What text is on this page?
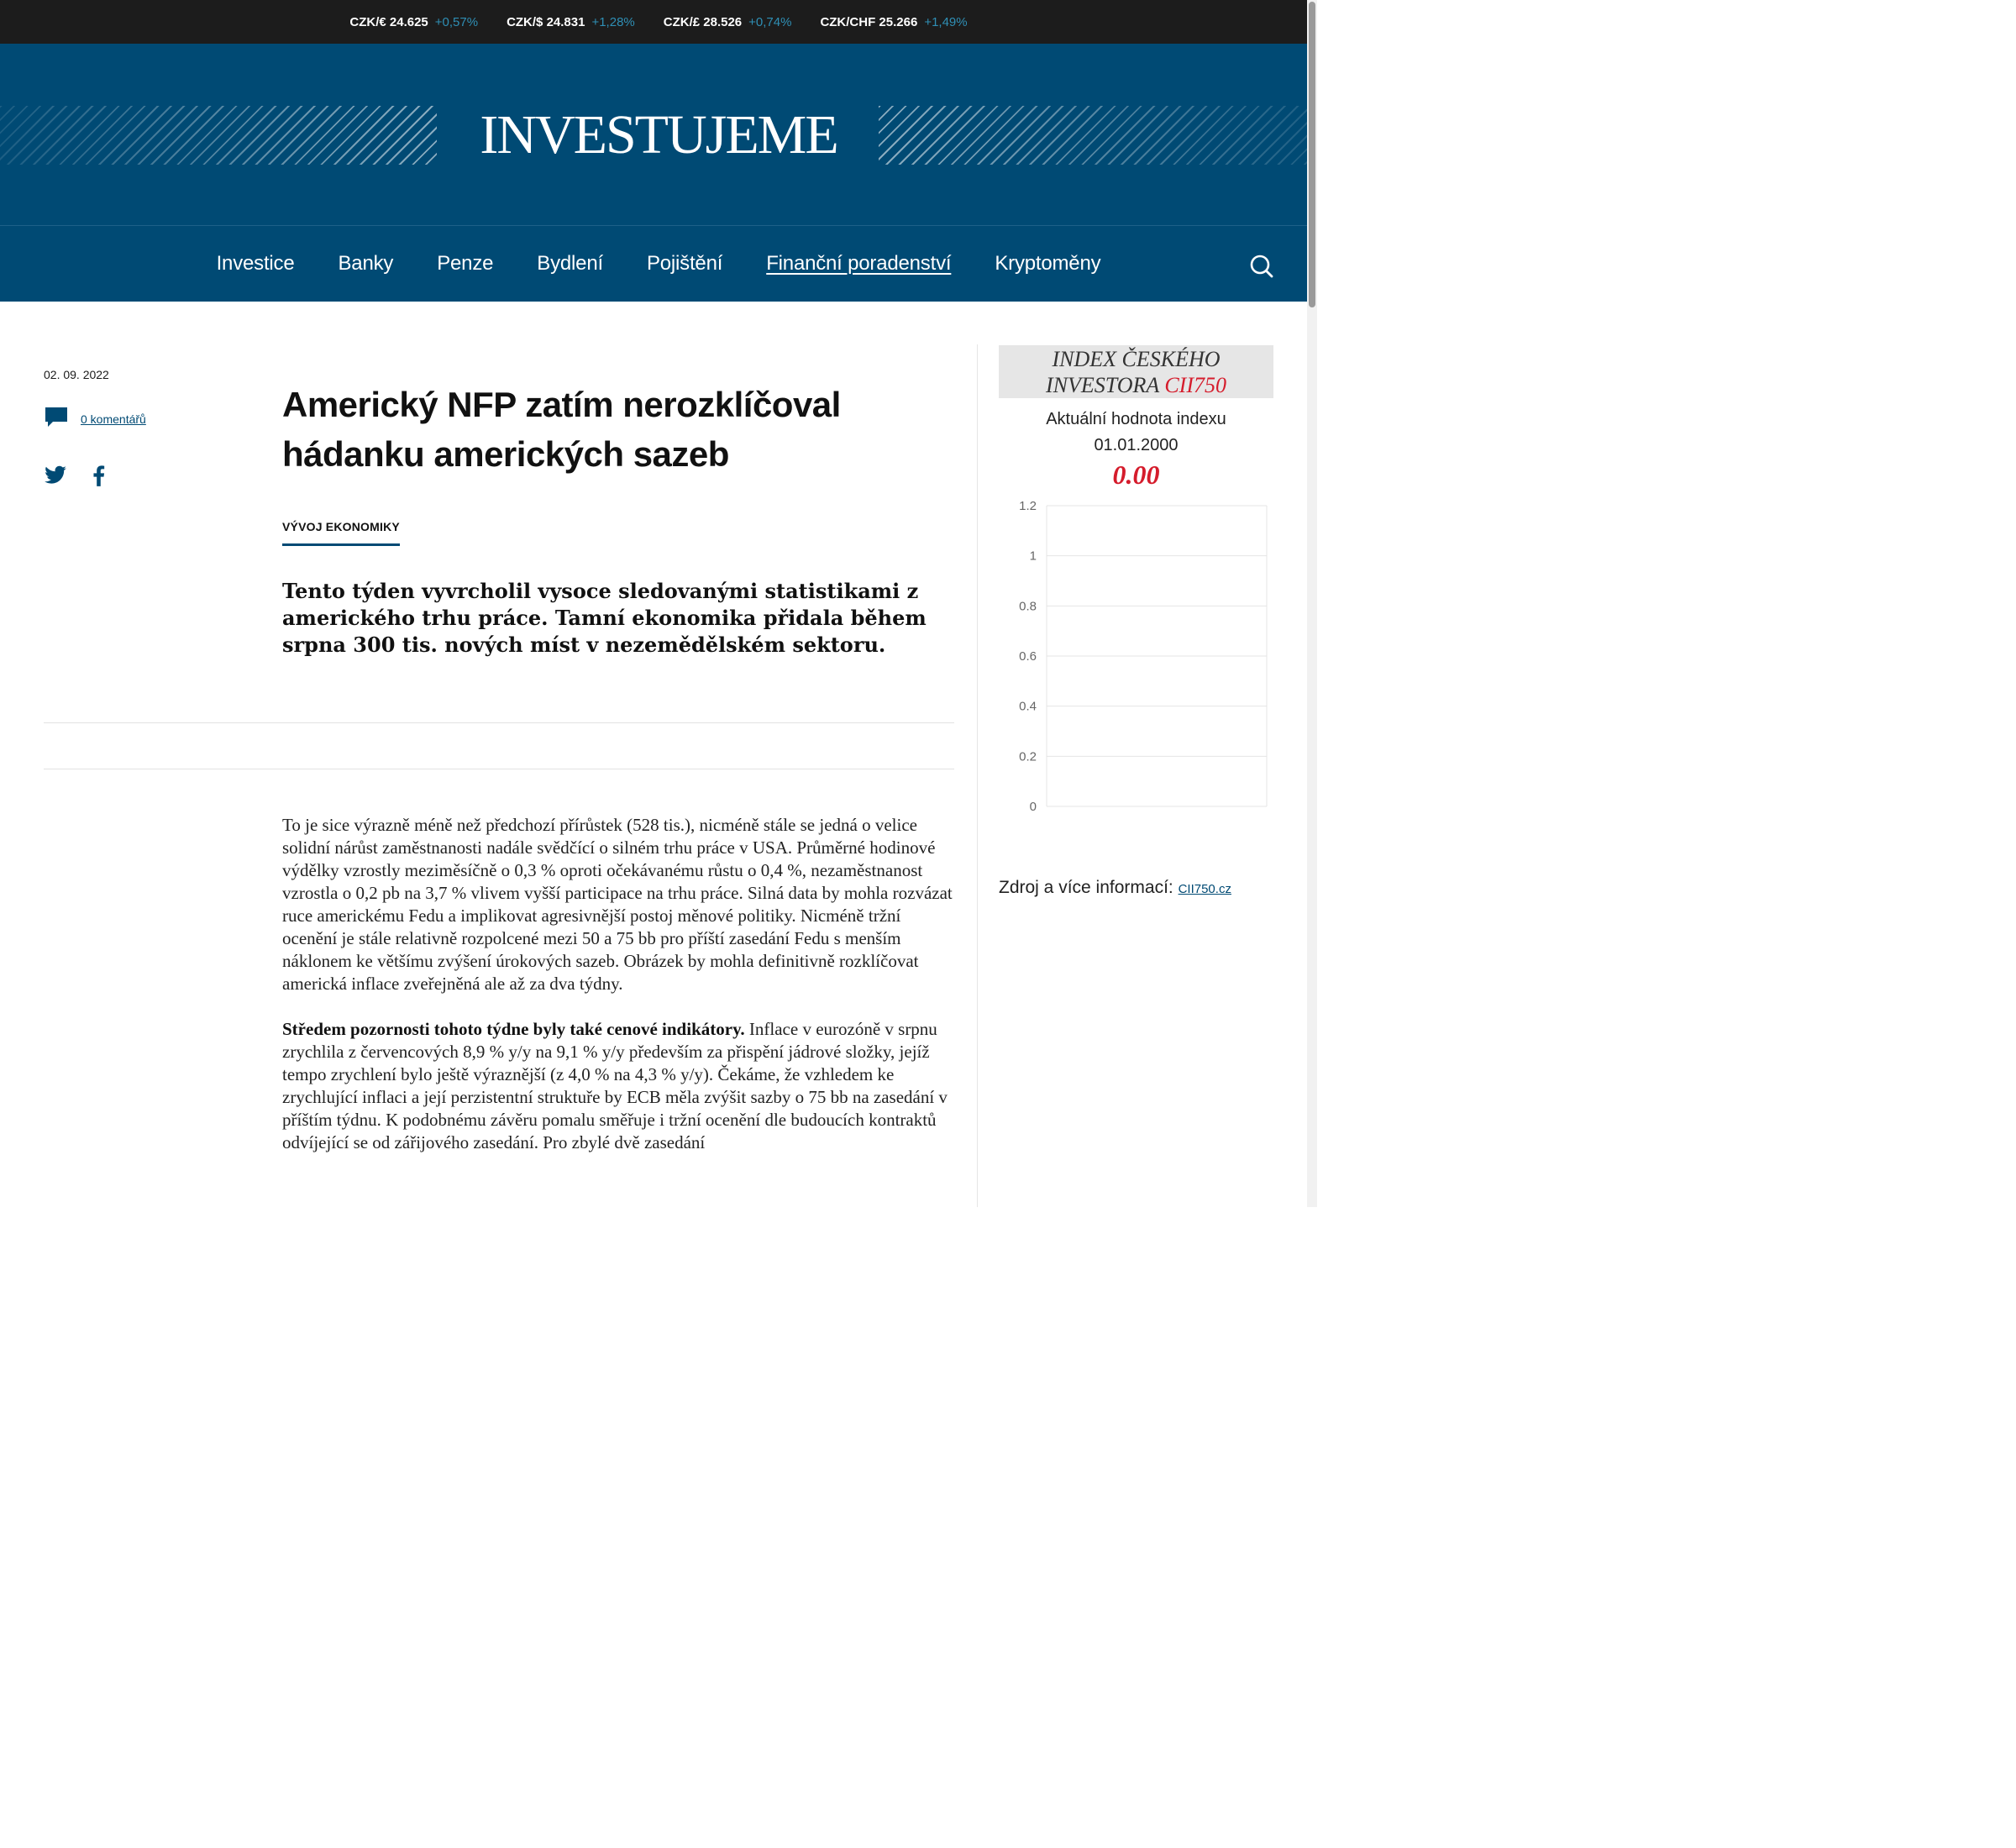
CZK/€ 24.625 +0,57% CZK/$ 24.831 +1,28% CZK/£ 28.526 +0,74% CZK/CHF 25.266 +1,49%
INVESTUJEME
Investice Banky Penze Bydlení Pojištění Finanční poradenství Kryptoměny
02. 09. 2022
0 komentářů	Americký NFP zatím nerozklíčoval hádanku amerických sazeb
VÝVOJ EKONOMIKY
Tento týden vyvrcholil vysoce sledovanými statistikami z amerického trhu práce. Tamní ekonomika přidala během srpna 300 tis. nových míst v nezemědělském sektoru.

To je sice výrazně méně než předchozí přírůstek (528 tis.), nicméně stále se jedná o velice solidní nárůst zaměstnanosti nadále svědčící o silném trhu práce v USA. Průměrné hodinové výdělky vzrostly meziměsíčně o 0,3 % oproti očekávanému růstu o 0,4 %, nezaměstnanost vzrostla o 0,2 pb na 3,7 % vlivem vyšší participace na trhu práce. Silná data by mohla rozvázat ruce americkému Fedu a implikovat agresivnější postoj měnové politiky. Nicméně tržní ocenění je stále relativně rozpolcené mezi 50 a 75 bb pro příští zasedání Fedu s menším náklonem ke většímu zvýšení úrokových sazeb. Obrázek by mohla definitivně rozklíčovat americká inflace zveřejněná ale až za dva týdny.

Středem pozornosti tohoto týdne byly také cenové indikátory. Inflace v eurozóně v srpnu zrychlila z červencových 8,9 % y/y na 9,1 % y/y především za přispění jádrové složky, jejíž tempo zrychlení bylo ještě výraznější (z 4,0 % na 4,3 % y/y). Čekáme, že vzhledem ke zrychlující inflaci a její perzistentní struktuře by ECB měla zvýšit sazby o 75 bb na zasedání v příštím týdnu. K podobnému závěru pomalu směřuje i tržní ocenění dle budoucích kontraktů odvíjející se od zářijového zasedání. Pro zbylé dvě zasedání

INDEX ČESKÉHO
INVESTORA CII750
Aktuální hodnota indexu
01.01.2000
0.00
1.2
1
0.8
0.6
0.4
0.2
0
Zdroj a více informací: CII750.cz
